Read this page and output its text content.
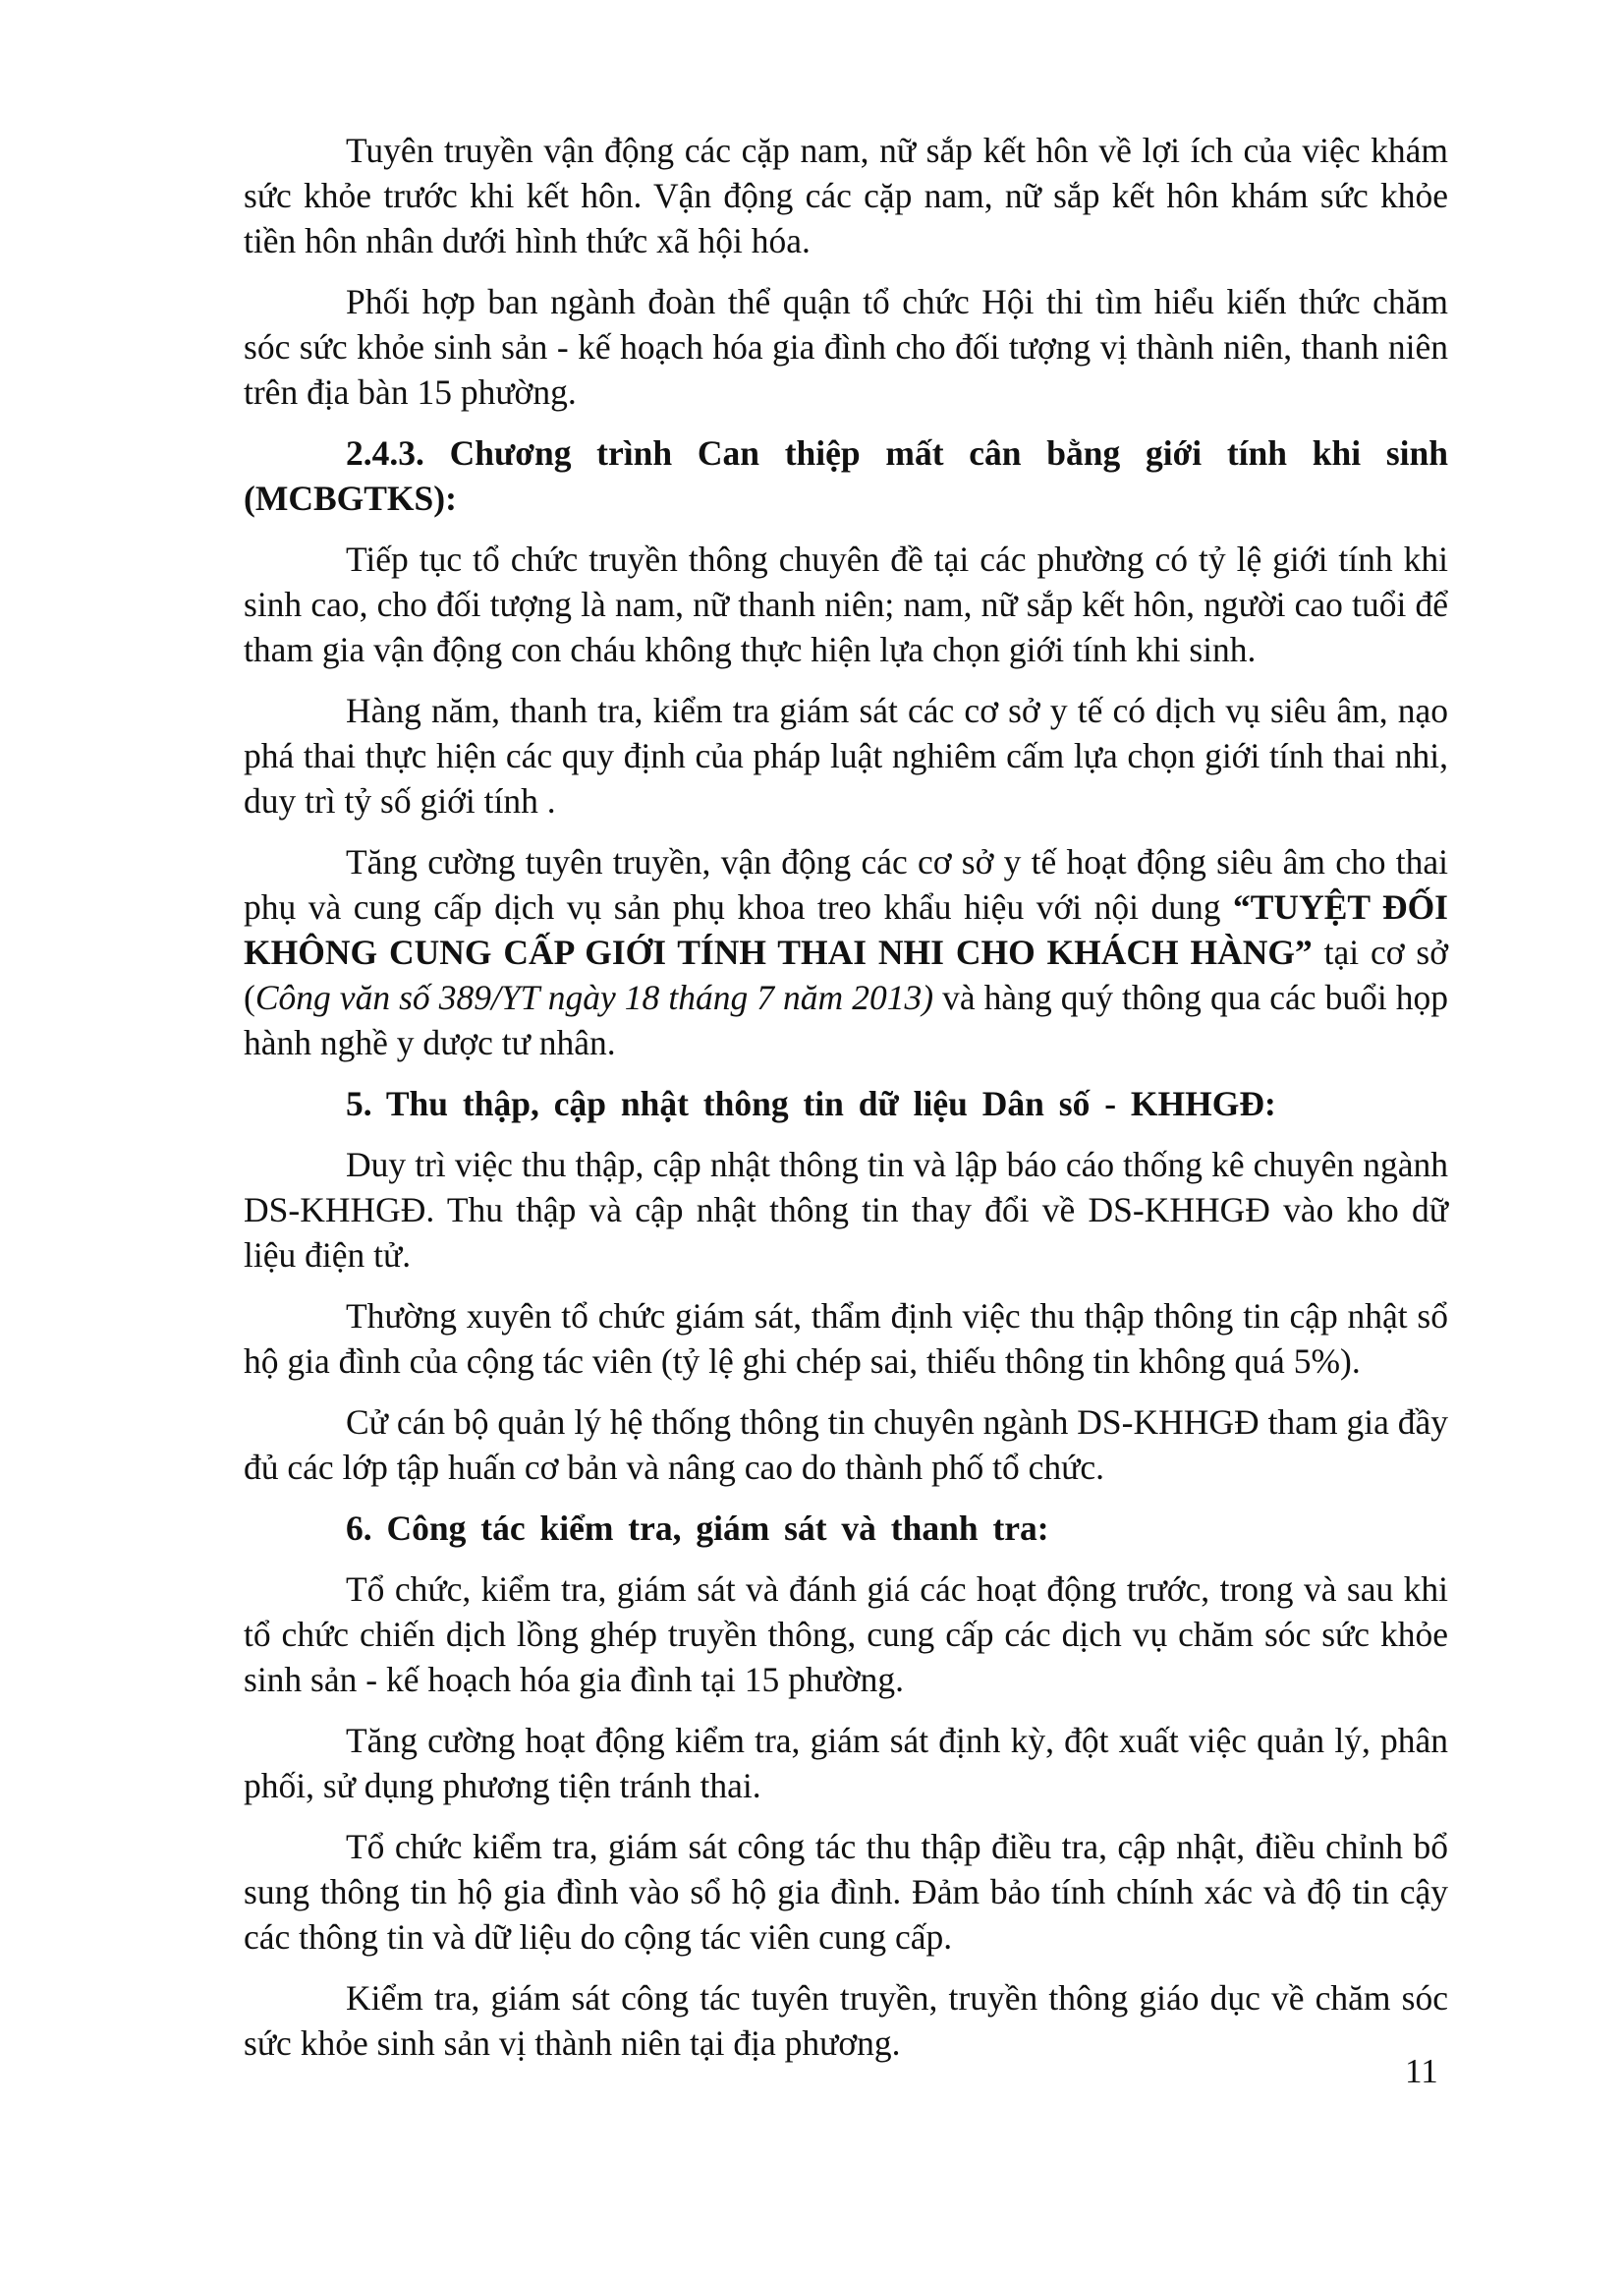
Tuyên truyền vận động các cặp nam, nữ sắp kết hôn về lợi ích của việc khám sức khỏe trước khi kết hôn. Vận động các cặp nam, nữ sắp kết hôn khám sức khỏe tiền hôn nhân dưới hình thức xã hội hóa.

Phối hợp ban ngành đoàn thể quận tổ chức Hội thi tìm hiểu kiến thức chăm sóc sức khỏe sinh sản - kế hoạch hóa gia đình cho đối tượng vị thành niên, thanh niên trên địa bàn 15 phường.

2.4.3. Chương trình Can thiệp mất cân bằng giới tính khi sinh (MCBGTKS):

Tiếp tục tổ chức truyền thông chuyên đề tại các phường có tỷ lệ giới tính khi sinh cao, cho đối tượng là nam, nữ thanh niên; nam, nữ sắp kết hôn, người cao tuổi để tham gia vận động con cháu không thực hiện lựa chọn giới tính khi sinh.

Hàng năm, thanh tra, kiểm tra giám sát các cơ sở y tế có dịch vụ siêu âm, nạo phá thai thực hiện các quy định của pháp luật nghiêm cấm lựa chọn giới tính thai nhi, duy trì tỷ số giới tính .

Tăng cường tuyên truyền, vận động các cơ sở y tế hoạt động siêu âm cho thai phụ và cung cấp dịch vụ sản phụ khoa treo khẩu hiệu với nội dung “TUYỆT ĐỐI KHÔNG CUNG CẤP GIỚI TÍNH THAI NHI CHO KHÁCH HÀNG” tại cơ sở (Công văn số 389/YT ngày 18 tháng 7 năm 2013) và hàng quý thông qua các buổi họp hành nghề y dược tư nhân.

5. Thu thập, cập nhật thông tin dữ liệu Dân số - KHHGĐ:

Duy trì việc thu thập, cập nhật thông tin và lập báo cáo thống kê chuyên ngành DS-KHHGĐ. Thu thập và cập nhật thông tin thay đổi về DS-KHHGĐ vào kho dữ liệu điện tử.

Thường xuyên tổ chức giám sát, thẩm định việc thu thập thông tin cập nhật sổ hộ gia đình của cộng tác viên (tỷ lệ ghi chép sai, thiếu thông tin không quá 5%).

Cử cán bộ quản lý hệ thống thông tin chuyên ngành DS-KHHGĐ tham gia đầy đủ các lớp tập huấn cơ bản và nâng cao do thành phố tổ chức.

6. Công tác kiểm tra, giám sát và thanh tra:

Tổ chức, kiểm tra, giám sát và đánh giá các hoạt động trước, trong và sau khi tổ chức chiến dịch lồng ghép truyền thông, cung cấp các dịch vụ chăm sóc sức khỏe sinh sản - kế hoạch hóa gia đình tại 15 phường.

Tăng cường hoạt động kiểm tra, giám sát định kỳ, đột xuất việc quản lý, phân phối, sử dụng phương tiện tránh thai.

Tổ chức kiểm tra, giám sát công tác thu thập điều tra, cập nhật, điều chỉnh bổ sung thông tin hộ gia đình vào sổ hộ gia đình. Đảm bảo tính chính xác và độ tin cậy các thông tin và dữ liệu do cộng tác viên cung cấp.

Kiểm tra, giám sát công tác tuyên truyền, truyền thông giáo dục về chăm sóc sức khỏe sinh sản vị thành niên tại địa phương.

11
